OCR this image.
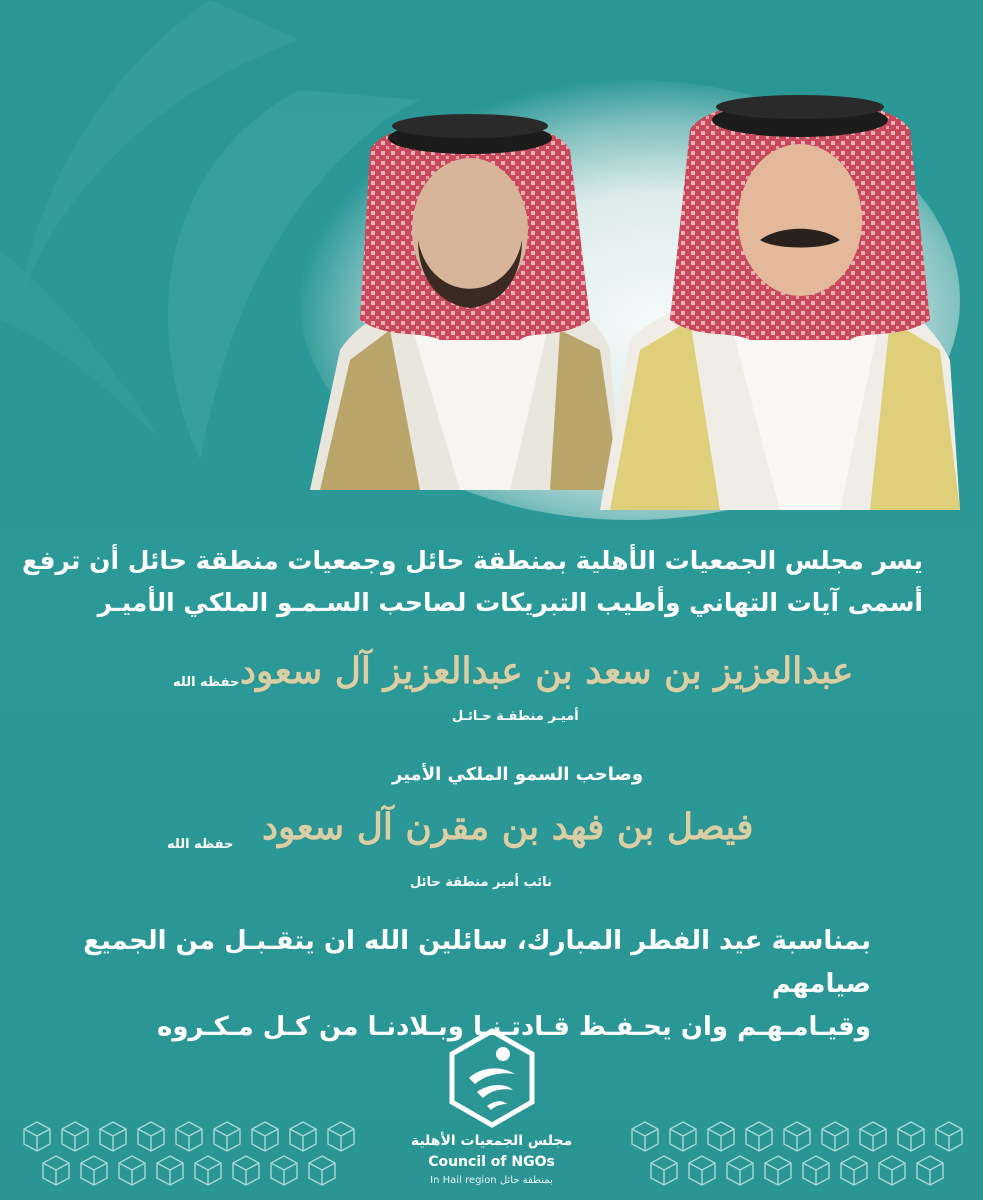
يسر مجلس الجمعيات الأهلية بمنطقة حائل وجمعيات منطقة حائل أن ترفع

أسمى آيات التهاني وأطيب التبريكات لصاحب السـمـو الملكي الأميـر

عبدالعزيز بن سعد بن عبدالعزيز آل سعود
حفظه الله
أميـر منطقـة حـائـل
وصاحب السمو الملكي الأمير
فيصل بن فهد بن مقرن آل سعود
حفظه الله
نائب أمير منطقة حائل

بمناسبة عيد الفطر المبارك، سائلين الله ان يتقـبـل من الجميع صيامهم

وقيـامـهـم وان يحـفـظ قـادتـنـا وبـلادنـا من كـل مـكـروه

مجلس الجمعيات الأهلية
Council of NGOs
In Hail region بمنطقة حائل
